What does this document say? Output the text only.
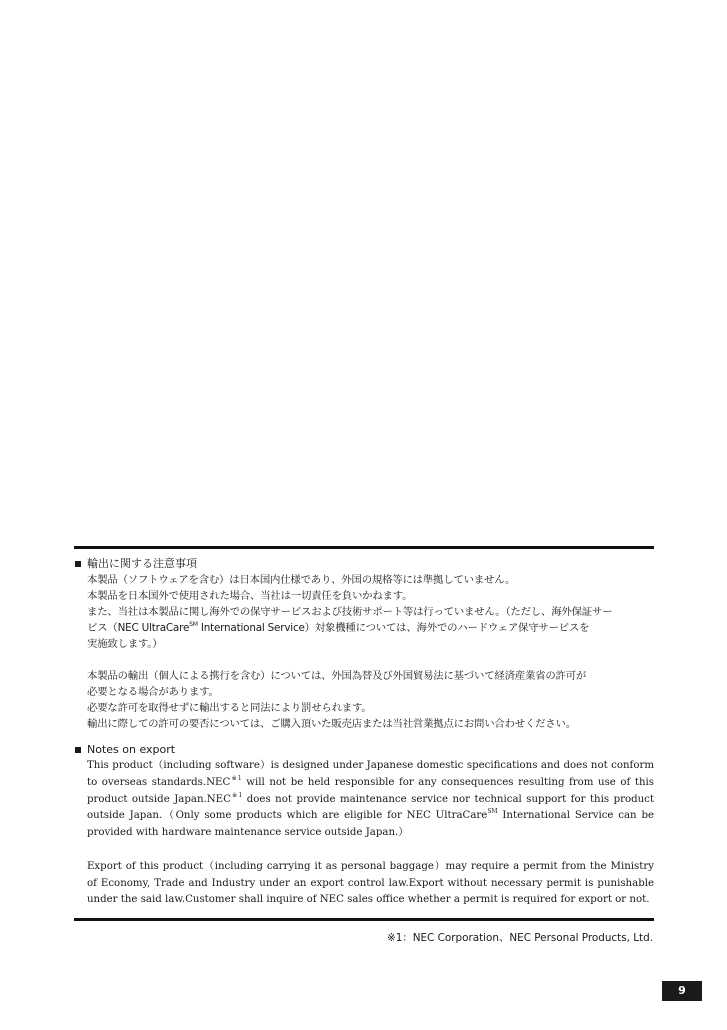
輸出に関する注意事項

本製品（ソフトウェアを含む）は日本国内仕様であり、外国の規格等には準拠していません。

本製品を日本国外で使用された場合、当社は一切責任を負いかねます。

また、当社は本製品に関し海外での保守サービスおよび技術サポート等は行っていません。（ただし、海外保証サー

ビス（NEC UltraCare℠ International Service）対象機種については、海外でのハードウェア保守サービスを

実施致します。）

本製品の輸出（個人による携行を含む）については、外国為替及び外国貿易法に基づいて経済産業省の許可が

必要となる場合があります。

必要な許可を取得せずに輸出すると同法により罰せられます。

輸出に際しての許可の要否については、ご購入頂いた販売店または当社営業拠点にお問い合わせください。

Notes on export

This product（including software）is designed under Japanese domestic specifications and does not conform to overseas standards.NEC$^{※1}$ will not be held responsible for any consequences resulting from use of this product outside Japan.NEC$^{※1}$ does not provide maintenance service nor technical support for this product outside Japan.（Only some products which are eligible for NEC UltraCare℠ International Service can be provided with hardware maintenance service outside Japan.）

Export of this product（including carrying it as personal baggage）may require a permit from the Ministry of Economy, Trade and Industry under an export control law.Export without necessary permit is punishable under the said law.Customer shall inquire of NEC sales office whether a permit is required for export or not.

※1：NEC Corporation、NEC Personal Products, Ltd.
9
